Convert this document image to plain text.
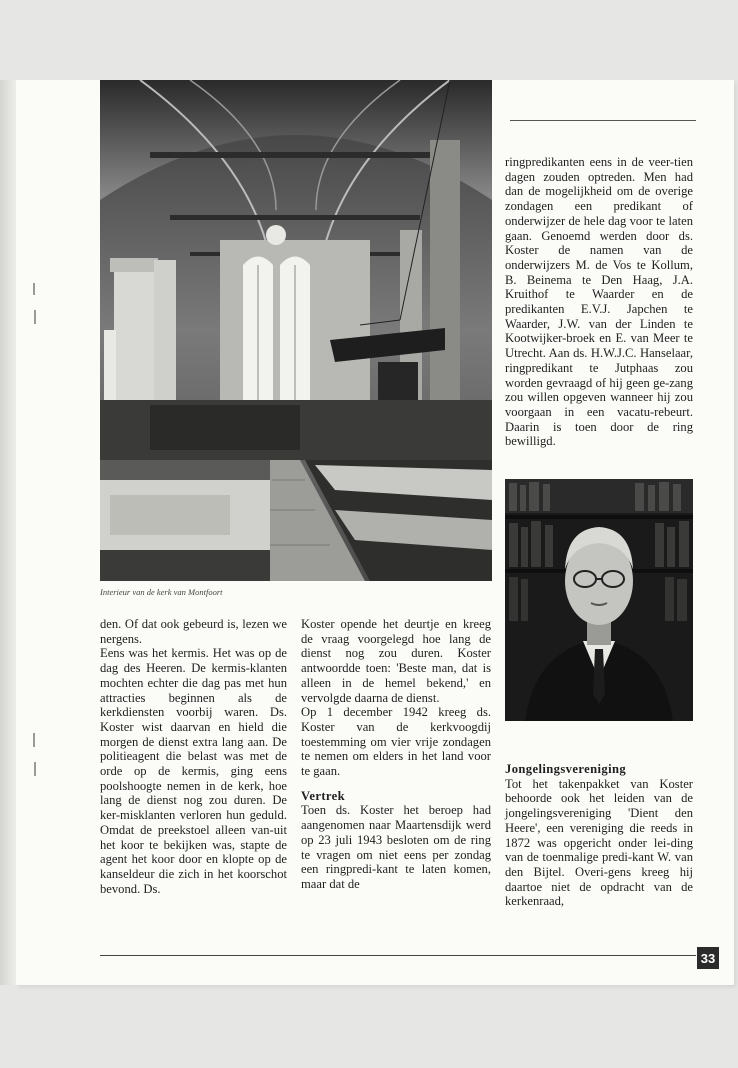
Interieur van de kerk van Montfoort

ringpredikanten eens in de veer-tien dagen zouden optreden. Men had dan de mogelijkheid om de overige zondagen een predikant of onderwijzer de hele dag voor te laten gaan. Genoemd werden door ds. Koster de namen van de onderwijzers M. de Vos te Kollum, B. Beinema te Den Haag, J.A. Kruithof te Waarder en de predikanten E.V.J. Japchen te Waarder, J.W. van der Linden te Kootwijker-broek en E. van Meer te Utrecht. Aan ds. H.W.J.C. Hanselaar, ringpredikant te Jutphaas zou worden gevraagd of hij geen ge-zang zou willen opgeven wanneer hij zou voorgaan in een vacatu-rebeurt. Daarin is toen door de ring bewilligd.

den. Of dat ook gebeurd is, lezen we nergens.

Eens was het kermis. Het was op de dag des Heeren. De kermis-klanten mochten echter die dag pas met hun attracties beginnen als de kerkdiensten voorbij waren. Ds. Koster wist daarvan en hield die morgen de dienst extra lang aan. De politieagent die belast was met de orde op de kermis, ging eens poolshoogte nemen in de kerk, hoe lang de dienst nog zou duren. De ker-misklanten verloren hun geduld. Omdat de preekstoel alleen van-uit het koor te bekijken was, stapte de agent het koor door en klopte op de kanseldeur die zich in het koorschot bevond. Ds.

Koster opende het deurtje en kreeg de vraag voorgelegd hoe lang de dienst nog zou duren. Koster antwoordde toen: 'Beste man, dat is alleen in de hemel bekend,' en vervolgde daarna de dienst.

Op 1 december 1942 kreeg ds. Koster van de kerkvoogdij toestemming om vier vrije zondagen te nemen om elders in het land voor te gaan.

Vertrek

Toen ds. Koster het beroep had aangenomen naar Maartensdijk werd op 23 juli 1943 besloten om de ring te vragen om niet eens per zondag een ringpredi-kant te laten komen, maar dat de

Jongelingsvereniging

Tot het takenpakket van Koster behoorde ook het leiden van de jongelingsvereniging 'Dient den Heere', een vereniging die reeds in 1872 was opgericht onder lei-ding van de toenmalige predi-kant W. van den Bijtel. Overi-gens kreeg hij daartoe niet de opdracht van de kerkenraad,

33
